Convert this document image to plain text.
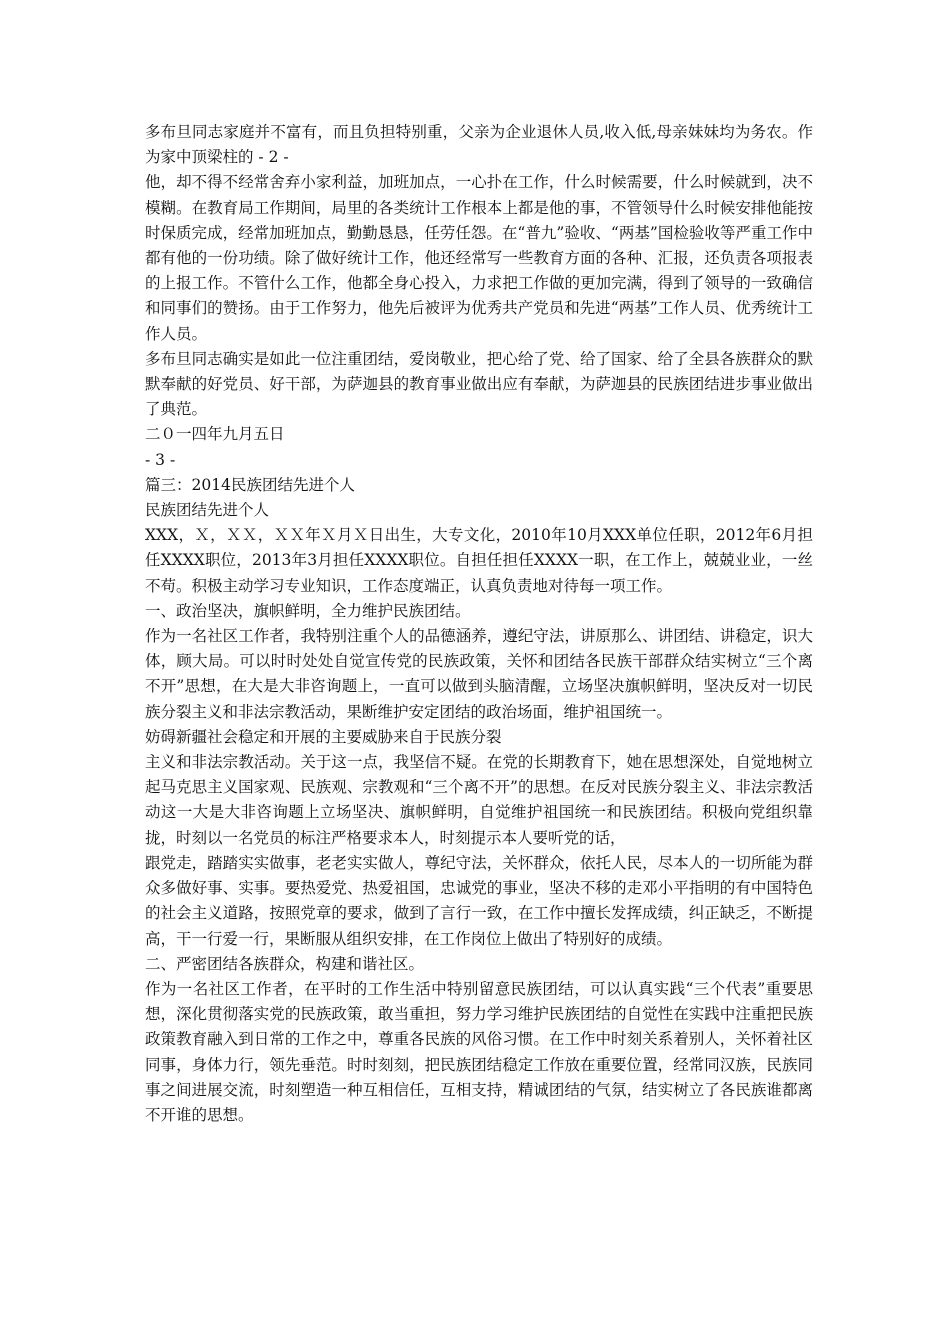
多布旦同志家庭并不富有，而且负担特别重，父亲为企业退休人员,收入低,母亲妹妹均为务农。作为家中顶梁柱的 - 2 -

他，却不得不经常舍弃小家利益，加班加点，一心扑在工作，什么时候需要，什么时候就到，决不模糊。在教育局工作期间，局里的各类统计工作根本上都是他的事，不管领导什么时候安排他能按时保质完成，经常加班加点，勤勤恳恳，任劳任怨。在“普九”验收、“两基”国检验收等严重工作中都有他的一份功绩。除了做好统计工作，他还经常写一些教育方面的各种、汇报，还负责各项报表的上报工作。不管什么工作，他都全身心投入，力求把工作做的更加完满，得到了领导的一致确信和同事们的赞扬。由于工作努力，他先后被评为优秀共产党员和先进“两基”工作人员、优秀统计工作人员。

多布旦同志确实是如此一位注重团结，爱岗敬业，把心给了党、给了国家、给了全县各族群众的默默奉献的好党员、好干部，为萨迦县的教育事业做出应有奉献，为萨迦县的民族团结进步事业做出了典范。

二０一四年九月五日

- 3 -

篇三：2014民族团结先进个人

民族团结先进个人

XXX，Ｘ，ＸＸ，ＸＸ年Ｘ月Ｘ日出生，大专文化，2010年10月XXX单位任职，2012年6月担任XXXX职位，2013年3月担任XXXX职位。自担任担任XXXX一职，在工作上，兢兢业业，一丝不苟。积极主动学习专业知识，工作态度端正，认真负责地对待每一项工作。

一、政治坚决，旗帜鲜明，全力维护民族团结。

作为一名社区工作者，我特别注重个人的品德涵养，遵纪守法，讲原那么、讲团结、讲稳定，识大体，顾大局。可以时时处处自觉宣传党的民族政策，关怀和团结各民族干部群众结实树立“三个离不开”思想，在大是大非咨询题上，一直可以做到头脑清醒，立场坚决旗帜鲜明，坚决反对一切民族分裂主义和非法宗教活动，果断维护安定团结的政治场面，维护祖国统一。

妨碍新疆社会稳定和开展的主要威胁来自于民族分裂

主义和非法宗教活动。关于这一点，我坚信不疑。在党的长期教育下，她在思想深处，自觉地树立起马克思主义国家观、民族观、宗教观和“三个离不开”的思想。在反对民族分裂主义、非法宗教活动这一大是大非咨询题上立场坚决、旗帜鲜明，自觉维护祖国统一和民族团结。积极向党组织靠拢，时刻以一名党员的标注严格要求本人，时刻提示本人要听党的话，

跟党走，踏踏实实做事，老老实实做人，尊纪守法，关怀群众，依托人民，尽本人的一切所能为群众多做好事、实事。要热爱党、热爱祖国，忠诚党的事业，坚决不移的走邓小平指明的有中国特色的社会主义道路，按照党章的要求，做到了言行一致，在工作中擅长发挥成绩，纠正缺乏，不断提高，干一行爱一行，果断服从组织安排，在工作岗位上做出了特别好的成绩。

二、严密团结各族群众，构建和谐社区。

作为一名社区工作者，在平时的工作生活中特别留意民族团结，可以认真实践“三个代表”重要思想，深化贯彻落实党的民族政策，敢当重担，努力学习维护民族团结的自觉性在实践中注重把民族政策教育融入到日常的工作之中，尊重各民族的风俗习惯。在工作中时刻关系着别人，关怀着社区同事，身体力行，领先垂范。时时刻刻，把民族团结稳定工作放在重要位置，经常同汉族，民族同事之间进展交流，时刻塑造一种互相信任，互相支持，精诚团结的气氛，结实树立了各民族谁都离不开谁的思想。
